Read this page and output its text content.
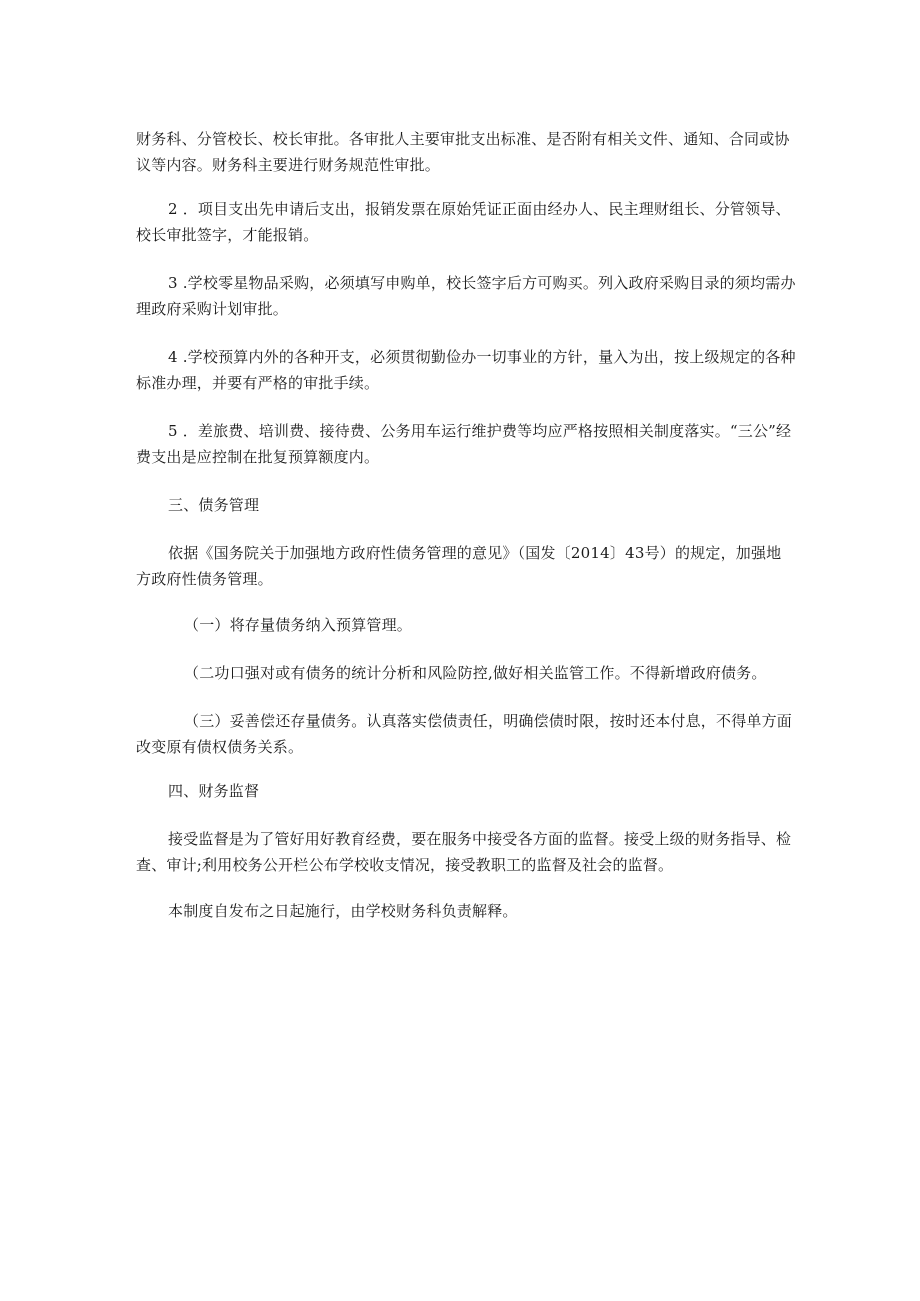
财务科、分管校长、校长审批。各审批人主要审批支出标准、是否附有相关文件、通知、合同或协议等内容。财务科主要进行财务规范性审批。

2 ．项目支出先申请后支出，报销发票在原始凭证正面由经办人、民主理财组长、分管领导、校长审批签字，才能报销。

3 .学校零星物品采购，必须填写申购单，校长签字后方可购买。列入政府采购目录的须均需办理政府采购计划审批。

4 .学校预算内外的各种开支，必须贯彻勤俭办一切事业的方针，量入为出，按上级规定的各种标准办理，并要有严格的审批手续。

5 ．差旅费、培训费、接待费、公务用车运行维护费等均应严格按照相关制度落实。“三公”经费支出是应控制在批复预算额度内。

三、债务管理

依据《国务院关于加强地方政府性债务管理的意见》（国发〔2014〕43号）的规定，加强地方政府性债务管理。

（一）将存量债务纳入预算管理。

（二功口强对或有债务的统计分析和风险防控,做好相关监管工作。不得新增政府债务。

（三）妥善偿还存量债务。认真落实偿债责任，明确偿债时限，按时还本付息，不得单方面改变原有债权债务关系。

四、财务监督

接受监督是为了管好用好教育经费，要在服务中接受各方面的监督。接受上级的财务指导、检查、审计;利用校务公开栏公布学校收支情况，接受教职工的监督及社会的监督。

本制度自发布之日起施行，由学校财务科负责解释。
